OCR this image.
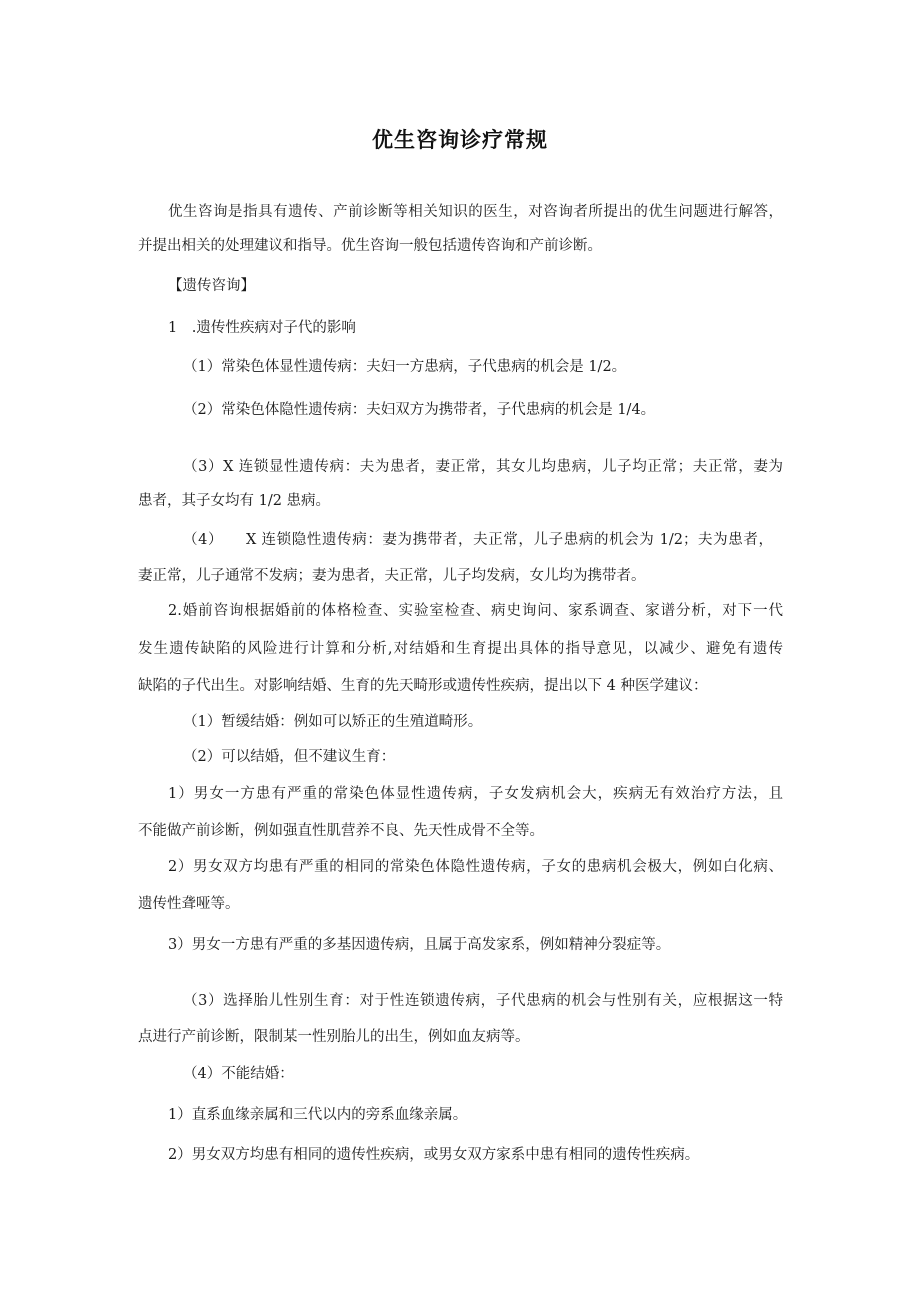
优生咨询诊疗常规
优生咨询是指具有遗传、产前诊断等相关知识的医生，对咨询者所提出的优生问题进行解答，
并提出相关的处理建议和指导。优生咨询一般包括遗传咨询和产前诊断。
【遗传咨询】
1　.遗传性疾病对子代的影响
（1）常染色体显性遗传病：夫妇一方患病，子代患病的机会是 1/2。
（2）常染色体隐性遗传病：夫妇双方为携带者，子代患病的机会是 1/4。
（3）X 连锁显性遗传病：夫为患者，妻正常，其女儿均患病，儿子均正常；夫正常，妻为
患者，其子女均有 1/2 患病。
（4）　　X 连锁隐性遗传病：妻为携带者，夫正常，儿子患病的机会为 1/2；夫为患者，
妻正常，儿子通常不发病；妻为患者，夫正常，儿子均发病，女儿均为携带者。
2.婚前咨询根据婚前的体格检查、实验室检查、病史询问、家系调查、家谱分析，对下一代
发生遗传缺陷的风险进行计算和分析,对结婚和生育提出具体的指导意见，以减少、避免有遗传
缺陷的子代出生。对影响结婚、生育的先天畸形或遗传性疾病，提出以下 4 种医学建议：
（1）暂缓结婚：例如可以矫正的生殖道畸形。
（2）可以结婚，但不建议生育：
1）男女一方患有严重的常染色体显性遗传病，子女发病机会大，疾病无有效治疗方法，且
不能做产前诊断，例如强直性肌营养不良、先天性成骨不全等。
2）男女双方均患有严重的相同的常染色体隐性遗传病，子女的患病机会极大，例如白化病、
遗传性聋哑等。
3）男女一方患有严重的多基因遗传病，且属于高发家系，例如精神分裂症等。
（3）选择胎儿性别生育：对于性连锁遗传病，子代患病的机会与性别有关，应根据这一特
点进行产前诊断，限制某一性别胎儿的出生，例如血友病等。
（4）不能结婚：
1）直系血缘亲属和三代以内的旁系血缘亲属。
2）男女双方均患有相同的遗传性疾病，或男女双方家系中患有相同的遗传性疾病。
